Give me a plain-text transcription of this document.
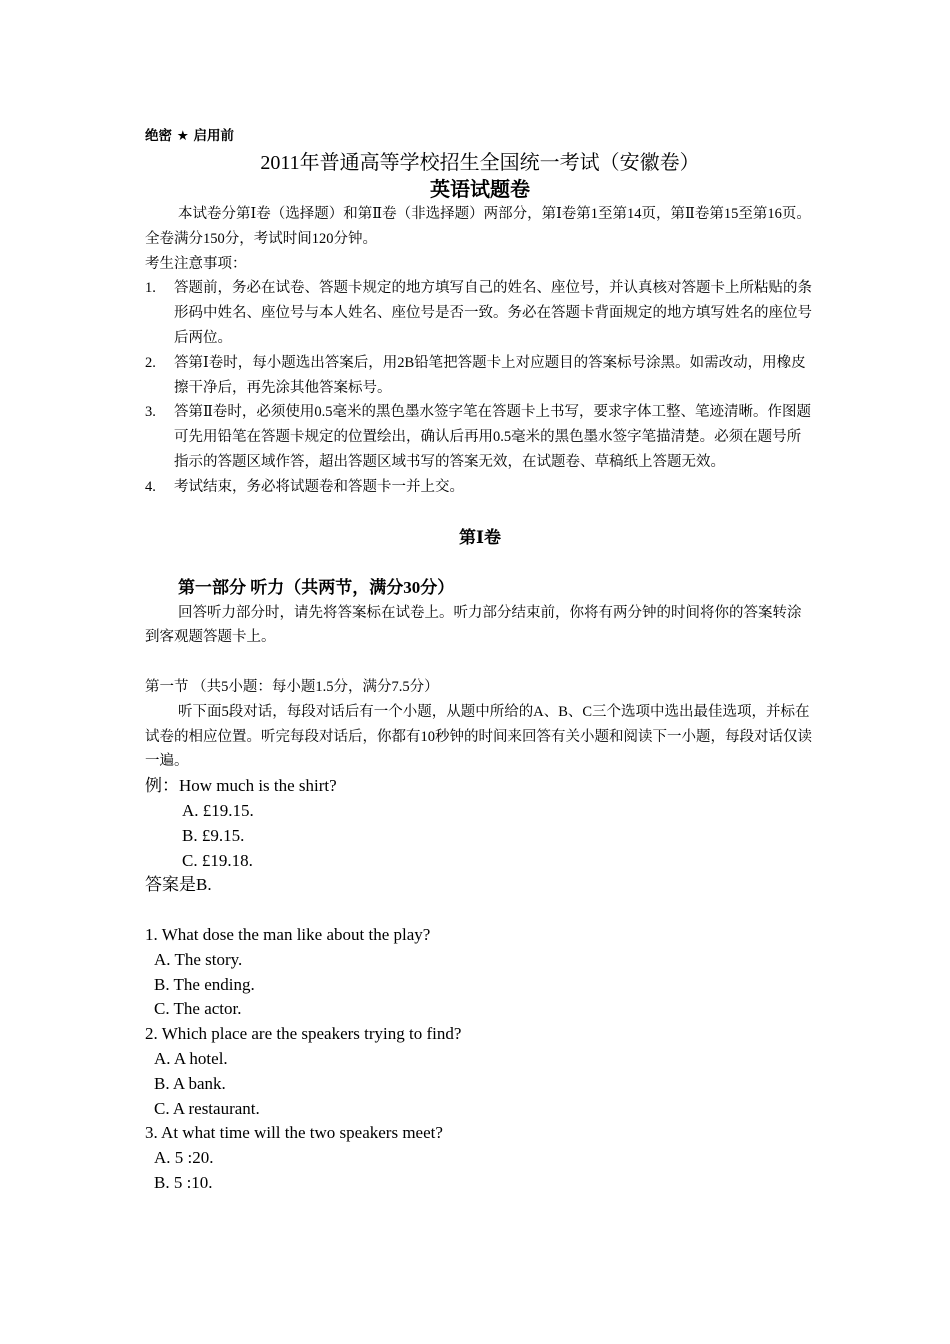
绝密 ★ 启用前
2011年普通高等学校招生全国统一考试（安徽卷）
英语试题卷
本试卷分第Ⅰ卷（选择题）和第Ⅱ卷（非选择题）两部分，第Ⅰ卷第1至第14页，第Ⅱ卷第15至第16页。全卷满分150分，考试时间120分钟。
考生注意事项：
1. 答题前，务必在试卷、答题卡规定的地方填写自己的姓名、座位号，并认真核对答题卡上所粘贴的条形码中姓名、座位号与本人姓名、座位号是否一致。务必在答题卡背面规定的地方填写姓名的座位号后两位。
2. 答第Ⅰ卷时，每小题选出答案后，用2B铅笔把答题卡上对应题目的答案标号涂黑。如需改动，用橡皮擦干净后，再先涂其他答案标号。
3. 答第Ⅱ卷时，必须使用0.5毫米的黑色墨水签字笔在答题卡上书写，要求字体工整、笔迹清晰。作图题可先用铅笔在答题卡规定的位置绘出，确认后再用0.5毫米的黑色墨水签字笔描清楚。必须在题号所指示的答题区域作答，超出答题区域书写的答案无效，在试题卷、草稿纸上答题无效。
4. 考试结束，务必将试题卷和答题卡一并上交。
第Ⅰ卷
第一部分 听力（共两节，满分30分）
回答听力部分时，请先将答案标在试卷上。听力部分结束前，你将有两分钟的时间将你的答案转涂到客观题答题卡上。
第一节 （共5小题：每小题1.5分，满分7.5分）
听下面5段对话，每段对话后有一个小题，从题中所给的A、B、C三个选项中选出最佳选项，并标在试卷的相应位置。听完每段对话后，你都有10秒钟的时间来回答有关小题和阅读下一小题，每段对话仅读一遍。
例：How much is the shirt?
A. £19.15.
B. £9.15.
C. £19.18.
答案是B.
1. What dose the man like about the play?
A. The story.
B. The ending.
C. The actor.
2. Which place are the speakers trying to find?
A. A hotel.
B. A bank.
C. A restaurant.
3. At what time will the two speakers meet?
A. 5 :20.
B. 5 :10.
